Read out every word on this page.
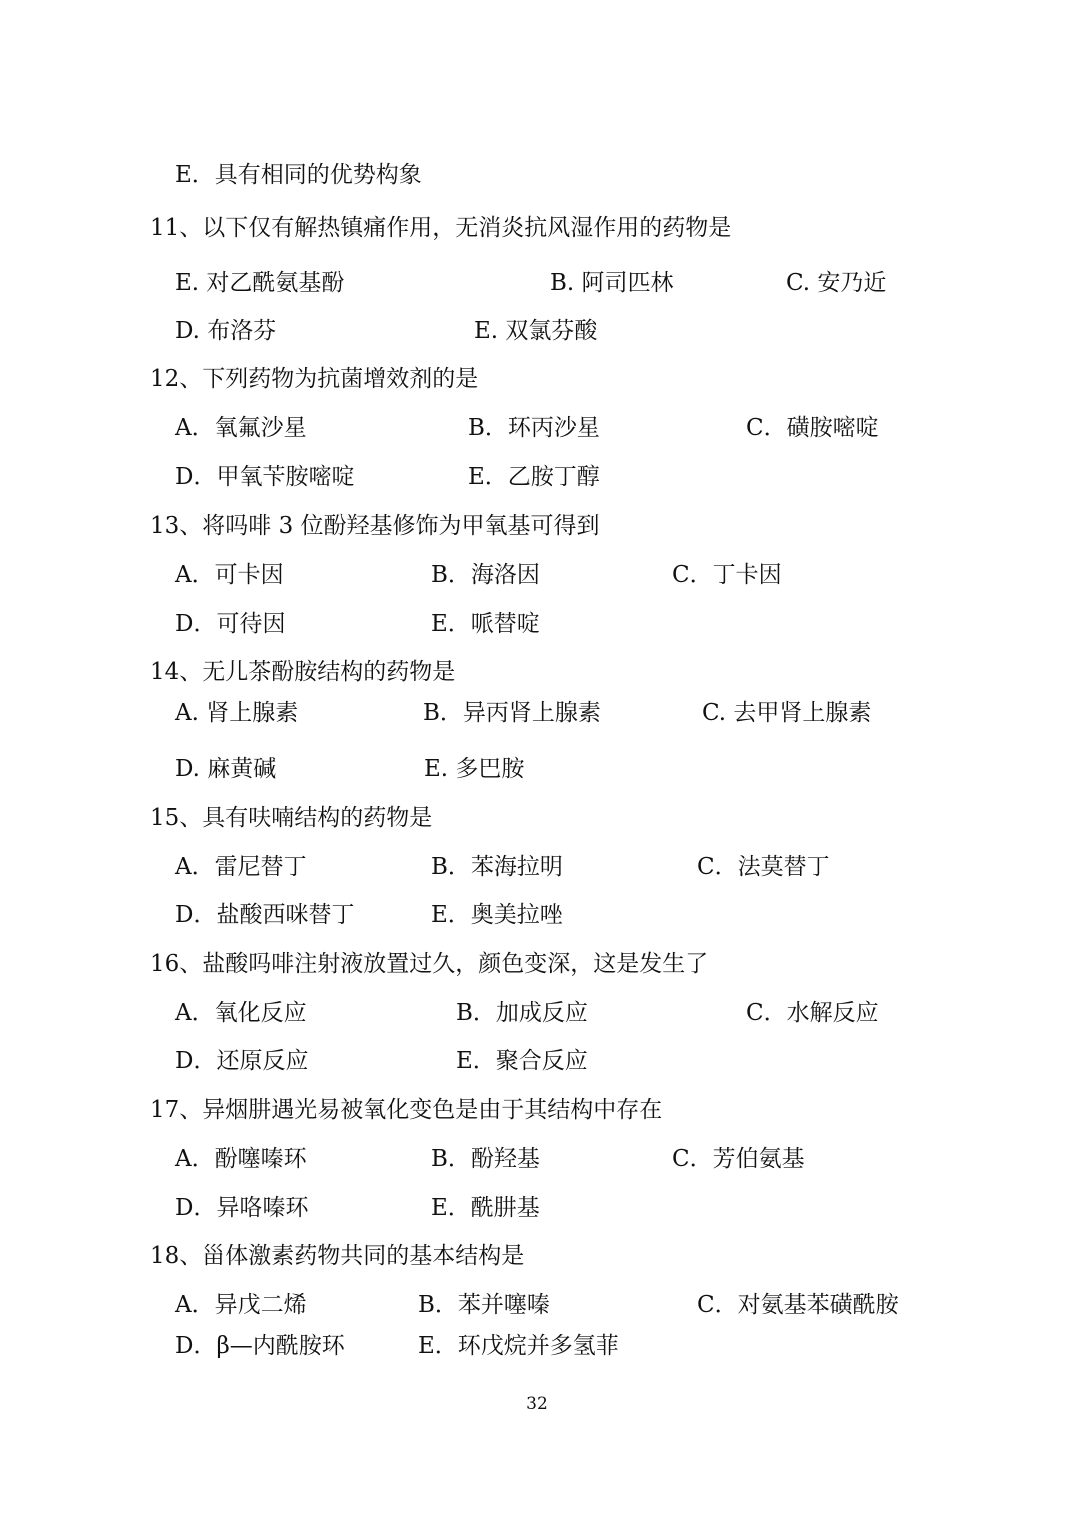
E．具有相同的优势构象
11、以下仅有解热镇痛作用，无消炎抗风湿作用的药物是
E. 对乙酰氨基酚	B. 阿司匹林	C. 安乃近
D. 布洛芬	E. 双氯芬酸
12、下列药物为抗菌增效剂的是
A．氧氟沙星	B．环丙沙星	C．磺胺嘧啶
D．甲氧苄胺嘧啶	E．乙胺丁醇
13、将吗啡 3 位酚羟基修饰为甲氧基可得到
A．可卡因	B．海洛因	C．丁卡因
D．可待因	E．哌替啶
14、无儿茶酚胺结构的药物是
A. 肾上腺素	B．异丙肾上腺素	C. 去甲肾上腺素
D. 麻黄碱	E. 多巴胺
15、具有呋喃结构的药物是
A．雷尼替丁	B．苯海拉明	C．法莫替丁
D．盐酸西咪替丁	E．奥美拉唑
16、盐酸吗啡注射液放置过久，颜色变深，这是发生了
A．氧化反应	B．加成反应	C．水解反应
D．还原反应	E．聚合反应
17、异烟肼遇光易被氧化变色是由于其结构中存在
A．酚噻嗪环	B．酚羟基	C．芳伯氨基
D．异咯嗪环	E．酰肼基
18、甾体激素药物共同的基本结构是
A．异戊二烯	B．苯并噻嗪	C．对氨基苯磺酰胺
D．β—内酰胺环	E．环戊烷并多氢菲
32
